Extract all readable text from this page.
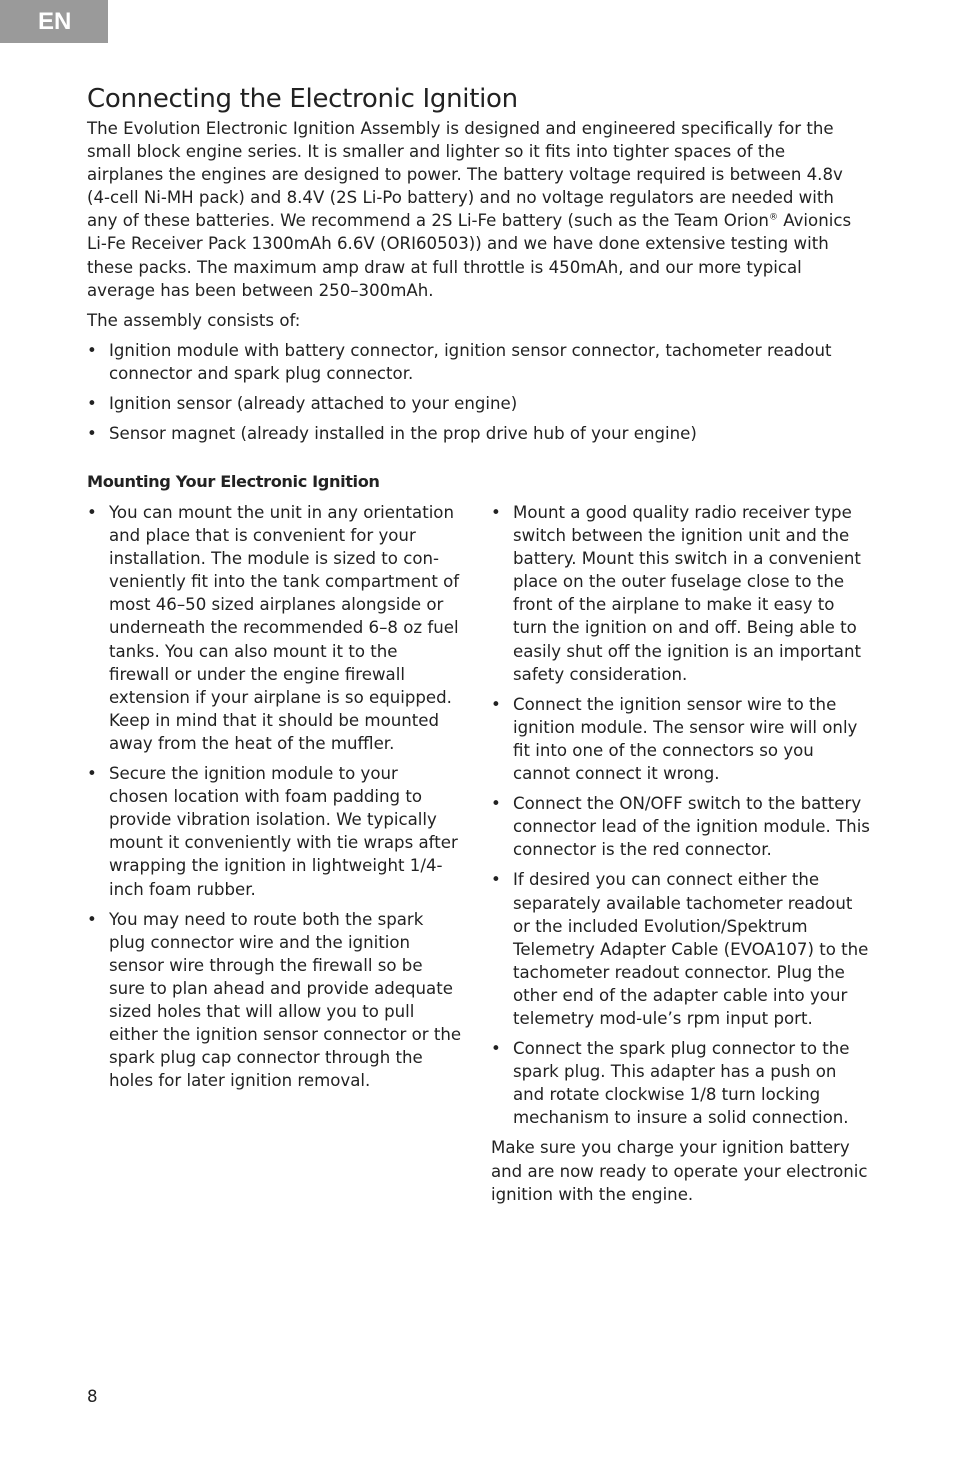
EN
Connecting the Electronic Ignition

The Evolution Electronic Ignition Assembly is designed and engineered specifically for the small block engine series. It is smaller and lighter so it fits into tighter spaces of the airplanes the engines are designed to power. The battery voltage required is between 4.8v (4-cell Ni-MH pack) and 8.4V (2S Li-Po battery) and no voltage regulators are needed with any of these batteries. We recommend a 2S Li-Fe battery (such as the Team Orion® Avionics Li-Fe Receiver Pack 1300mAh 6.6V (ORI60503)) and we have done extensive testing with these packs. The maximum amp draw at full throttle is 450mAh, and our more typical average has been between 250–300mAh.

The assembly consists of:

• Ignition module with battery connector, ignition sensor connector, tachometer readout connector and spark plug connector.
• Ignition sensor (already attached to your engine)
• Sensor magnet (already installed in the prop drive hub of your engine)
Mounting Your Electronic Ignition
• You can mount the unit in any orientation and place that is convenient for your installation. The module is sized to con-veniently fit into the tank compartment of most 46–50 sized airplanes alongside or underneath the recommended 6–8 oz fuel tanks. You can also mount it to the firewall or under the engine firewall extension if your airplane is so equipped. Keep in mind that it should be mounted away from the heat of the muffler.
• Secure the ignition module to your chosen location with foam padding to provide vibration isolation. We typically mount it conveniently with tie wraps after wrapping the ignition in lightweight 1/4-inch foam rubber.
• You may need to route both the spark plug connector wire and the ignition sensor wire through the firewall so be sure to plan ahead and provide adequate sized holes that will allow you to pull either the ignition sensor connector or the spark plug cap connector through the holes for later ignition removal.
• Mount a good quality radio receiver type switch between the ignition unit and the battery. Mount this switch in a convenient place on the outer fuselage close to the front of the airplane to make it easy to turn the ignition on and off. Being able to easily shut off the ignition is an important safety consideration.
• Connect the ignition sensor wire to the ignition module. The sensor wire will only fit into one of the connectors so you cannot connect it wrong.
• Connect the ON/OFF switch to the battery connector lead of the ignition module. This connector is the red connector.
• If desired you can connect either the separately available tachometer readout or the included Evolution/Spektrum Telemetry Adapter Cable (EVOA107) to the tachometer readout connector. Plug the other end of the adapter cable into your telemetry mod-ule’s rpm input port.
• Connect the spark plug connector to the spark plug. This adapter has a push on and rotate clockwise 1/8 turn locking mechanism to insure a solid connection.

Make sure you charge your ignition battery and are now ready to operate your electronic ignition with the engine.

8
